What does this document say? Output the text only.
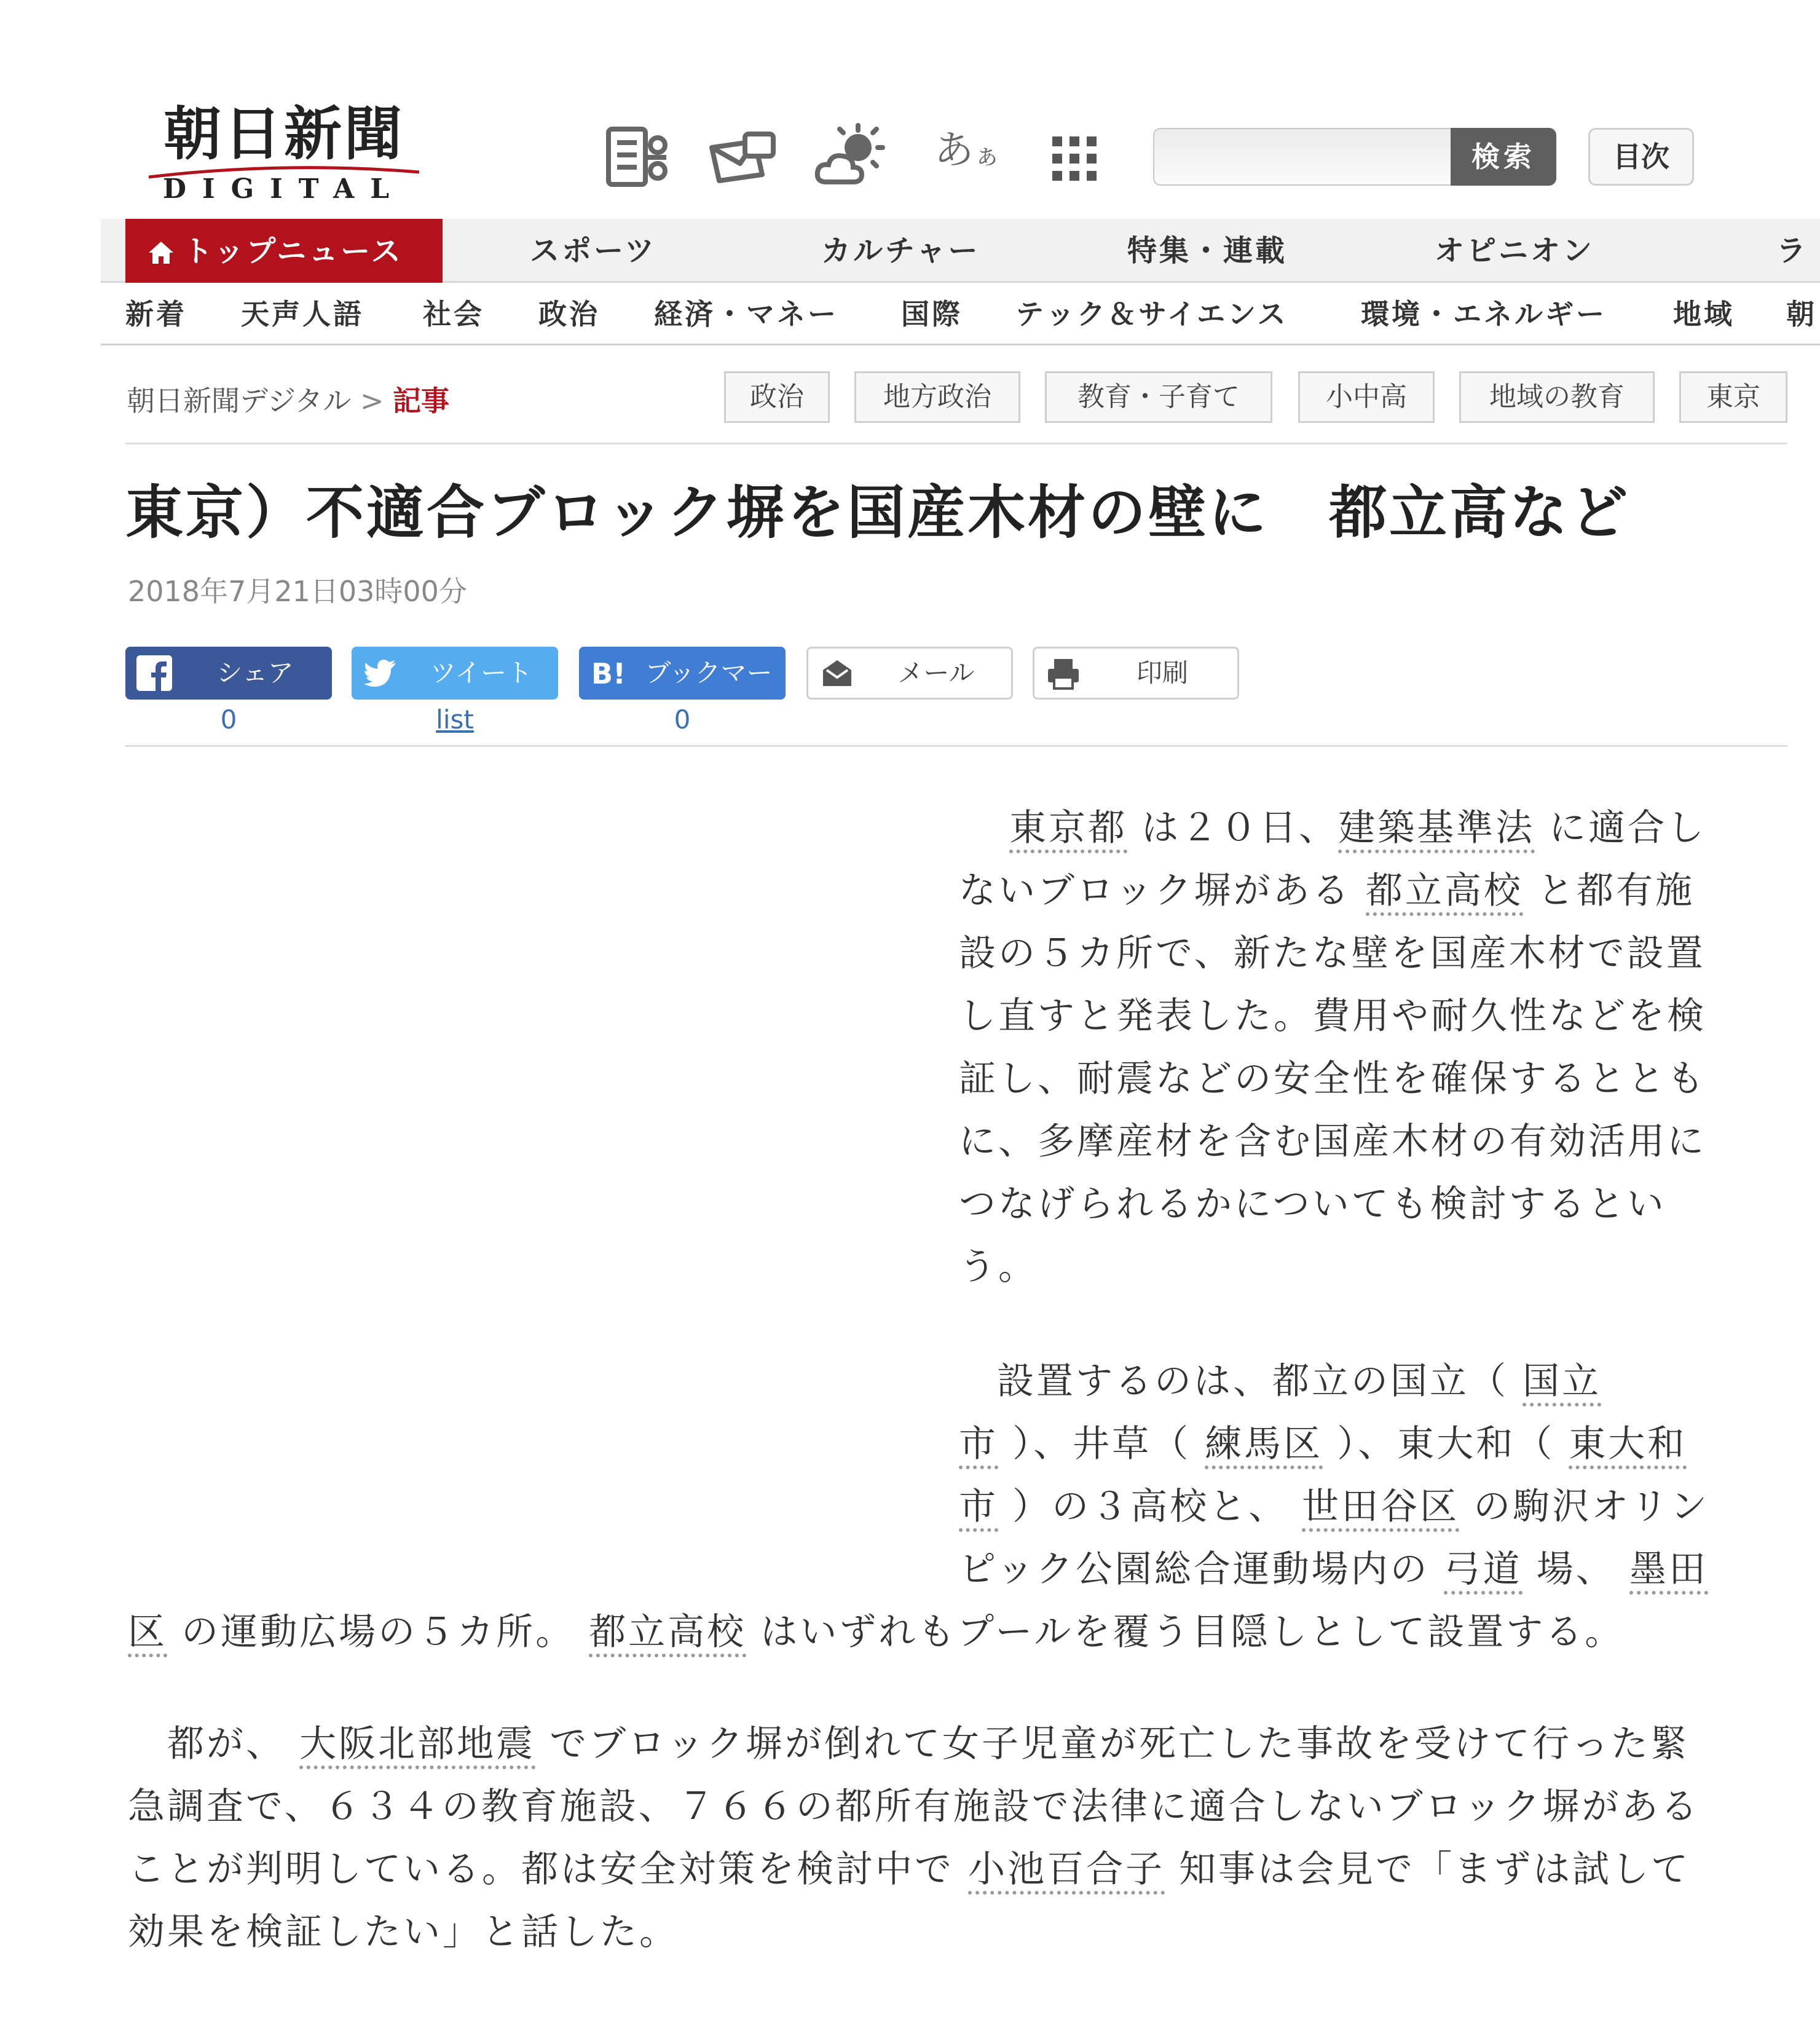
朝日新聞
DIGITAL
あぁ	検索	目次
トップニュース	スポーツ	カルチャー	特集・連載	オピニオン	ラ
新着 天声人語 社会 政治 経済・マネー 国際 テック＆サイエンス	環境・エネルギー 地域 朝
朝日新聞デジタル > 記事	政治	地方政治	教育・子育て	小中高	地域の教育	東京
東京）不適合ブロック塀を国産木材の壁に　都立高など
2018年7月21日03時00分
シェア
0
ツイート
list
B! ブックマーク
0
メール	印刷
東京都 は２０日、建築基準法 に適合し
ないブロック塀がある 都立高校 と都有施
設の５カ所で、新たな壁を国産木材で設置
し直すと発表した。費用や耐久性などを検
証し、耐震などの安全性を確保するととも
に、多摩産材を含む国産木材の有効活用に
つなげられるかについても検討するとい
う。
設置するのは、都立の国立（ 国立
市 ）、井草（ 練馬区 ）、東大和（ 東大和
市 ）の３高校と、 世田谷区 の駒沢オリン
ピック公園総合運動場内の 弓道 場、 墨田
区 の運動広場の５カ所。 都立高校 はいずれもプールを覆う目隠しとして設置する。
都が、 大阪北部地震 でブロック塀が倒れて女子児童が死亡した事故を受けて行った緊
急調査で、６３４の教育施設、７６６の都所有施設で法律に適合しないブロック塀がある
ことが判明している。都は安全対策を検討中で 小池百合子 知事は会見で「まずは試して
効果を検証したい」と話した。
